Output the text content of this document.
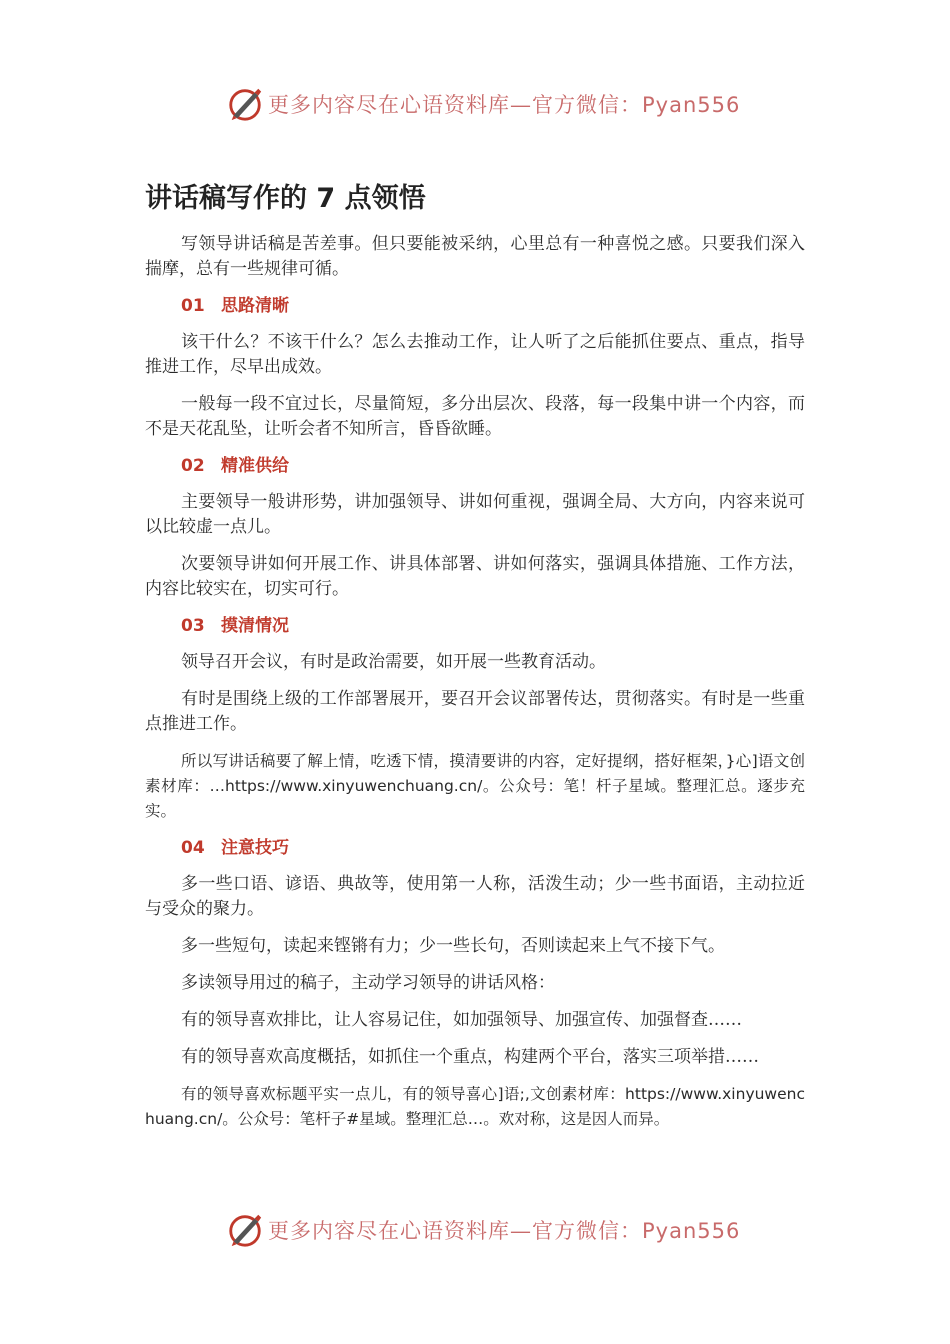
更多内容尽在心语资料库—官方微信：Pyan556
讲话稿写作的 7 点领悟

写领导讲话稿是苦差事。但只要能被采纳，心里总有一种喜悦之感。只要我们深入揣摩，总有一些规律可循。

01 思路清晰

该干什么？不该干什么？怎么去推动工作，让人听了之后能抓住要点、重点，指导推进工作，尽早出成效。

一般每一段不宜过长，尽量简短，多分出层次、段落，每一段集中讲一个内容，而不是天花乱坠，让听会者不知所言，昏昏欲睡。

02 精准供给

主要领导一般讲形势，讲加强领导、讲如何重视，强调全局、大方向，内容来说可以比较虚一点儿。

次要领导讲如何开展工作、讲具体部署、讲如何落实，强调具体措施、工作方法，内容比较实在，切实可行。

03 摸清情况

领导召开会议，有时是政治需要，如开展一些教育活动。

有时是围绕上级的工作部署展开，要召开会议部署传达，贯彻落实。有时是一些重点推进工作。

所以写讲话稿要了解上情，吃透下情，摸清要讲的内容，定好提纲，搭好框架，}心]语文创素材库：…https://www.xinyuwenchuang.cn/。公众号：笔！杆子星域。整理汇总。逐步充实。

04 注意技巧

多一些口语、谚语、典故等，使用第一人称，活泼生动；少一些书面语，主动拉近与受众的聚力。

多一些短句，读起来铿锵有力；少一些长句，否则读起来上气不接下气。

多读领导用过的稿子，主动学习领导的讲话风格：

有的领导喜欢排比，让人容易记住，如加强领导、加强宣传、加强督查……

有的领导喜欢高度概括，如抓住一个重点，构建两个平台，落实三项举措……

有的领导喜欢标题平实一点儿，有的领导喜心]语;,文创素材库：https://www.xinyuwenchuang.cn/。公众号：笔杆子#星域。整理汇总…。欢对称，这是因人而异。

更多内容尽在心语资料库—官方微信：Pyan556
